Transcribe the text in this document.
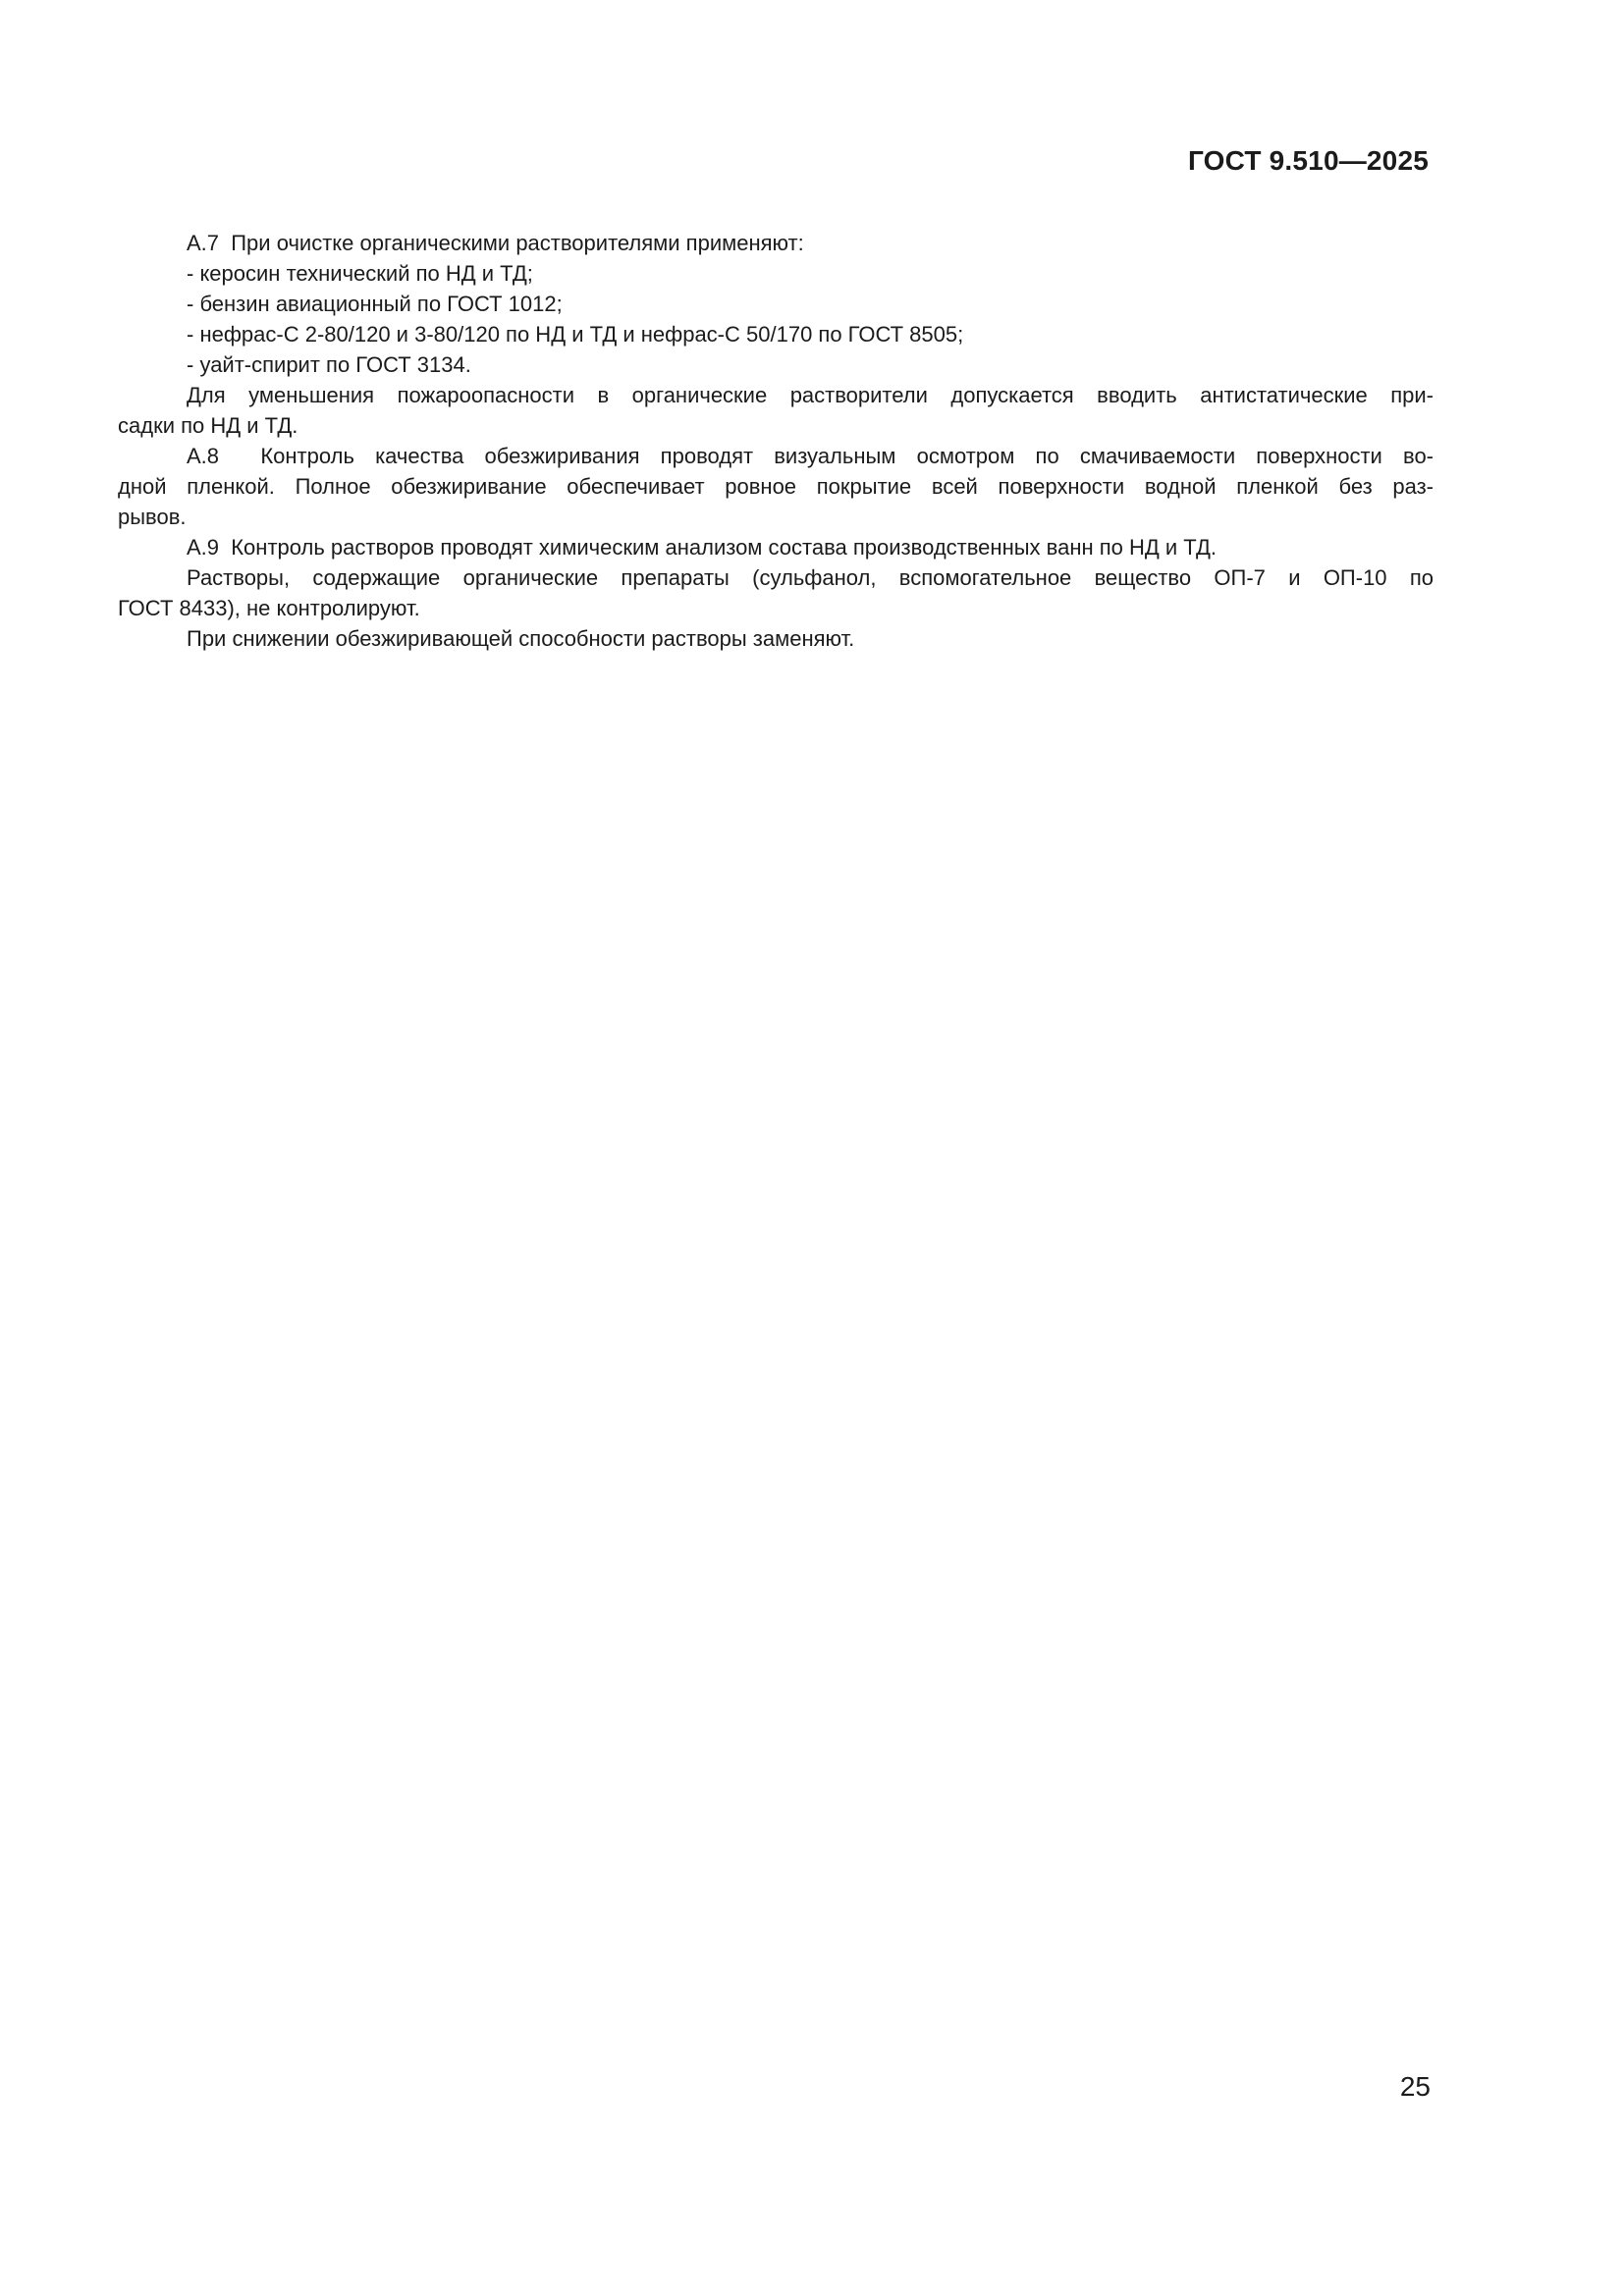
ГОСТ 9.510—2025
А.7  При очистке органическими растворителями применяют:
- керосин технический по НД и ТД;
- бензин авиационный по ГОСТ 1012;
- нефрас-С 2-80/120 и 3-80/120 по НД и ТД и нефрас-С 50/170 по ГОСТ 8505;
- уайт-спирит по ГОСТ 3134.
Для уменьшения пожароопасности в органические растворители допускается вводить антистатические при-
садки по НД и ТД.
А.8  Контроль качества обезжиривания проводят визуальным осмотром по смачиваемости поверхности во-
дной пленкой. Полное обезжиривание обеспечивает ровное покрытие всей поверхности водной пленкой без раз-
рывов.
А.9  Контроль растворов проводят химическим анализом состава производственных ванн по НД и ТД.
Растворы, содержащие органические препараты (сульфанол, вспомогательное вещество ОП-7 и ОП-10 по
ГОСТ 8433), не контролируют.
При снижении обезжиривающей способности растворы заменяют.
25
